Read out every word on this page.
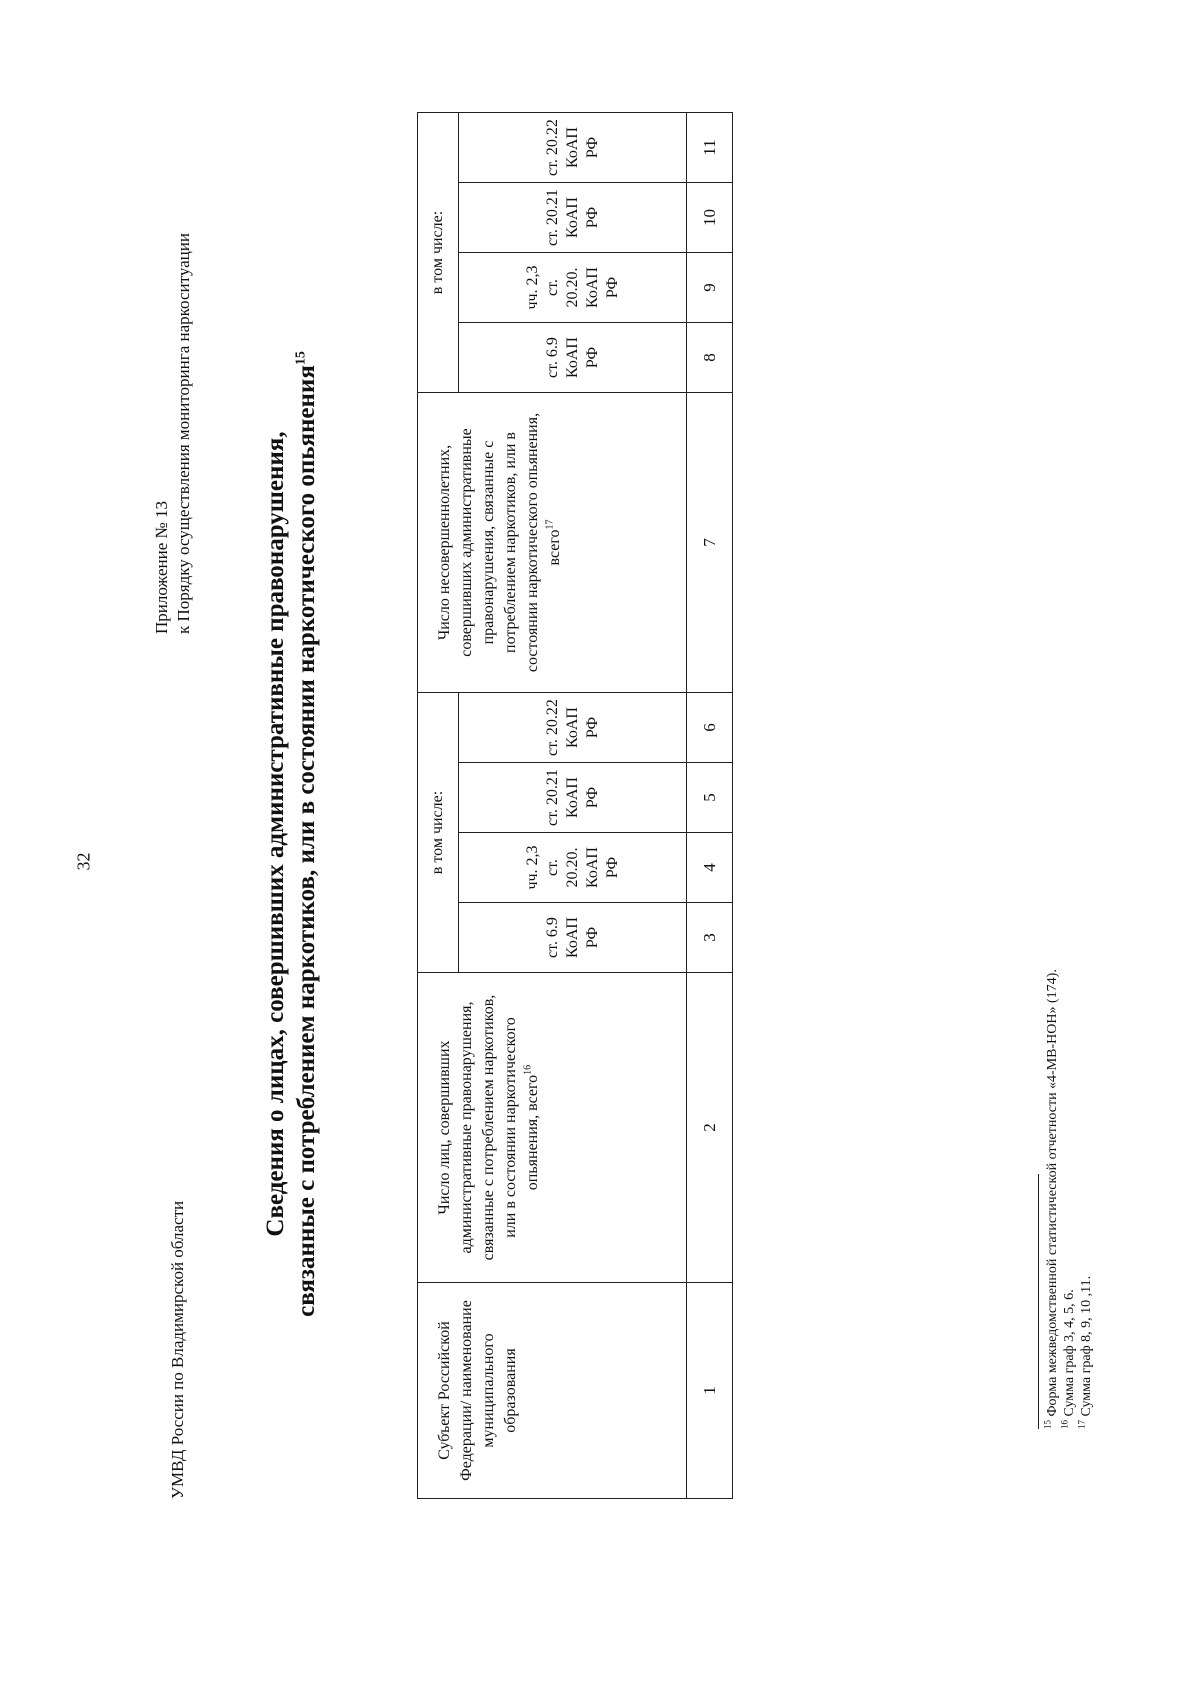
32
УМВД России по Владимирской области
Приложение № 13 к Порядку осуществления мониторинга наркоситуации	Сведения о лицах, совершивших административные правонарушения, связанные с потреблением наркотиков, или в состоянии наркотического опьянения$^{15}$
Субъект Российской Федерации/ наименование муниципального образования	Число лиц, совершивших административные правонарушения, связанные с потреблением наркотиков, или в состоянии наркотического опьянения, всего$^{16}$	в том числе:				Число несовершеннолетних, совершивших административные правонарушения, связанные с потреблением наркотиков, или в состоянии наркотического опьянения, всего$^{17}$	в том числе:			

		ст. 6.9 КоАП РФ	чч. 2,3 ст. 20.20. КоАП РФ	ст. 20.21 КоАП РФ	ст. 20.22 КоАП РФ		ст. 6.9 КоАП РФ	чч. 2,3 ст. 20.20. КоАП РФ	ст. 20.21 КоАП РФ	ст. 20.22 КоАП РФ

1	2	3	4	5	6	7	8	9	10	11
$^{15}$ Форма межведомственной статистической отчетности «4-МВ-НОН» (174).
$^{16}$ Сумма граф 3, 4, 5, 6.
$^{17}$ Сумма граф 8, 9, 10 ,11.
